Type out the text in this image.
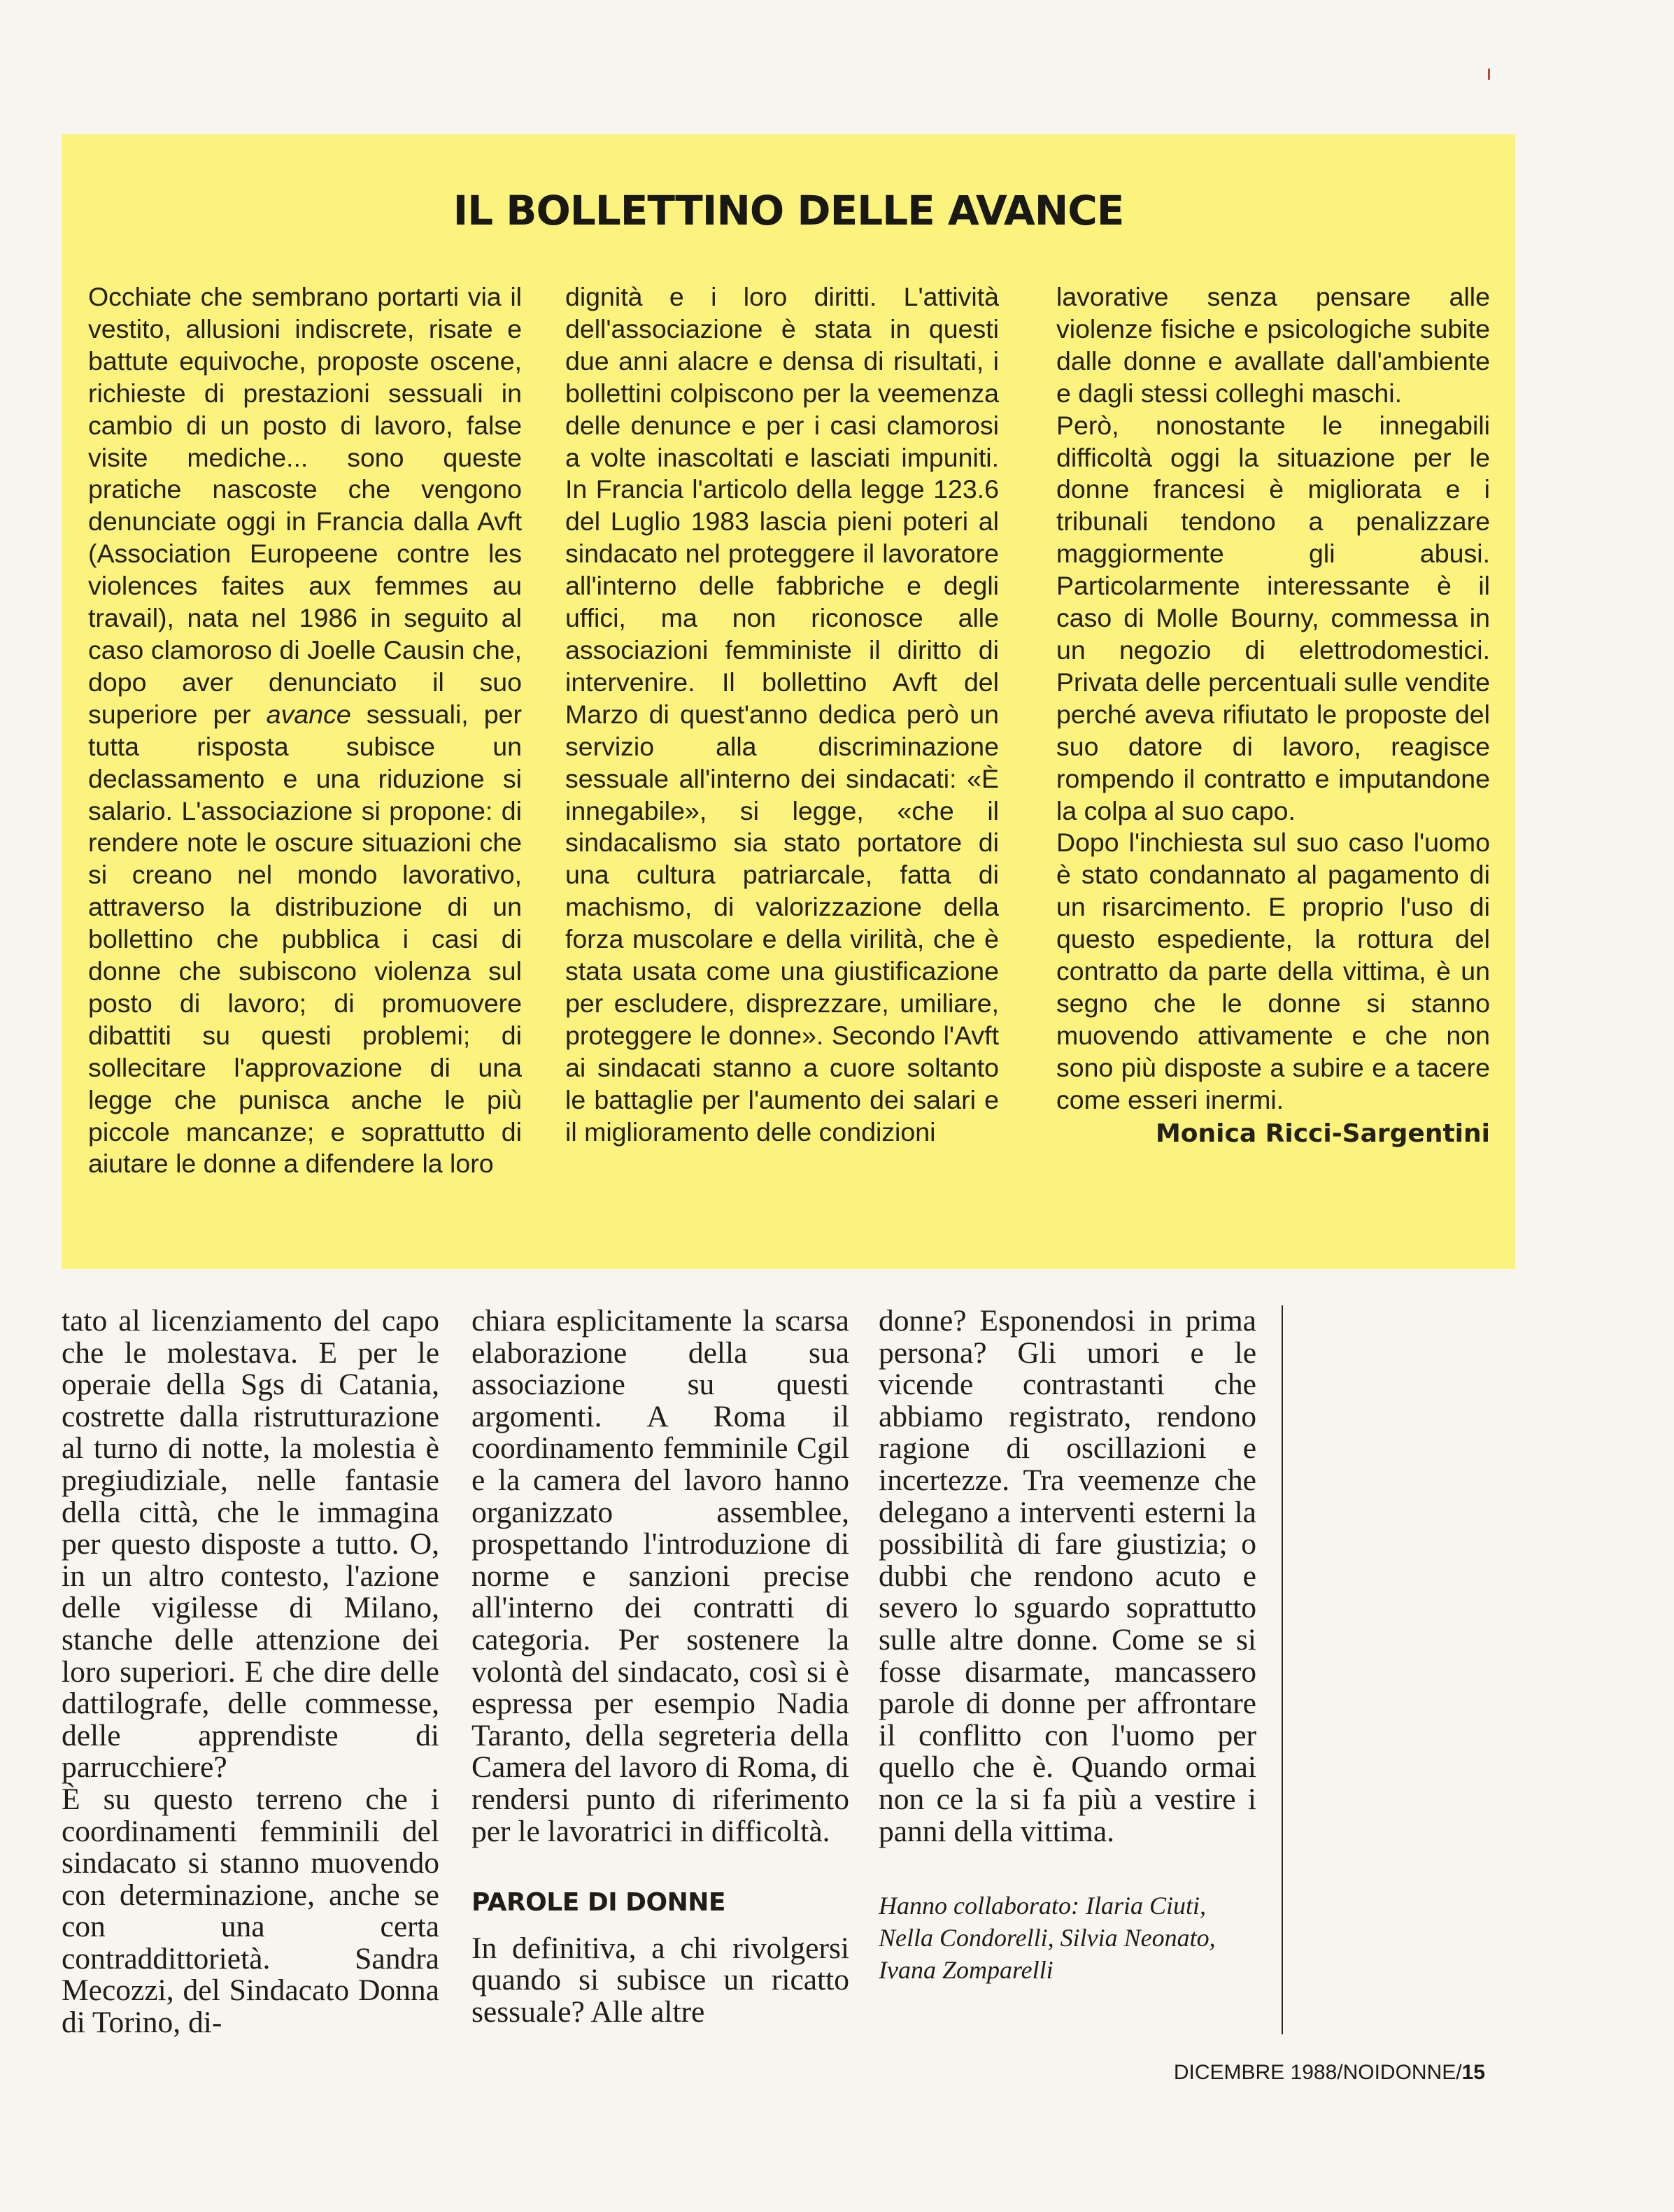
IL BOLLETTINO DELLE AVANCE

Occhiate che sembrano portarti via il vestito, allusioni indiscrete, risate e battute equivoche, proposte oscene, richieste di prestazioni sessuali in cambio di un posto di lavoro, false visite mediche... sono queste pratiche nascoste che vengono denunciate oggi in Francia dalla Avft (Association Europeene contre les violences faites aux femmes au travail), nata nel 1986 in seguito al caso clamoroso di Joelle Causin che, dopo aver denunciato il suo superiore per avance sessuali, per tutta risposta subisce un declassamento e una riduzione si salario. L'associazione si propone: di rendere note le oscure situazioni che si creano nel mondo lavorativo, attraverso la distribuzione di un bollettino che pubblica i casi di donne che subiscono violenza sul posto di lavoro; di promuovere dibattiti su questi problemi; di sollecitare l'approvazione di una legge che punisca anche le più piccole mancanze; e soprattutto di aiutare le donne a difendere la loro

dignità e i loro diritti. L'attività dell'associazione è stata in questi due anni alacre e densa di risultati, i bollettini colpiscono per la veemenza delle denunce e per i casi clamorosi a volte inascoltati e lasciati impuniti. In Francia l'articolo della legge 123.6 del Luglio 1983 lascia pieni poteri al sindacato nel proteggere il lavoratore all'interno delle fabbriche e degli uffici, ma non riconosce alle associazioni femministe il diritto di intervenire. Il bollettino Avft del Marzo di quest'anno dedica però un servizio alla discriminazione sessuale all'interno dei sindacati: «È innegabile», si legge, «che il sindacalismo sia stato portatore di una cultura patriarcale, fatta di machismo, di valorizzazione della forza muscolare e della virilità, che è stata usata come una giustificazione per escludere, disprezzare, umiliare, proteggere le donne». Secondo l'Avft ai sindacati stanno a cuore soltanto le battaglie per l'aumento dei salari e il miglioramento delle condizioni

lavorative senza pensare alle violenze fisiche e psicologiche subite dalle donne e avallate dall'ambiente e dagli stessi colleghi maschi.

Però, nonostante le innegabili difficoltà oggi la situazione per le donne francesi è migliorata e i tribunali tendono a penalizzare maggiormente gli abusi. Particolarmente interessante è il caso di Molle Bourny, commessa in un negozio di elettrodomestici. Privata delle percentuali sulle vendite perché aveva rifiutato le proposte del suo datore di lavoro, reagisce rompendo il contratto e imputandone la colpa al suo capo.

Dopo l'inchiesta sul suo caso l'uomo è stato condannato al pagamento di un risarcimento. E proprio l'uso di questo espediente, la rottura del contratto da parte della vittima, è un segno che le donne si stanno muovendo attivamente e che non sono più disposte a subire e a tacere come esseri inermi.

Monica Ricci-Sargentini

tato al licenziamento del capo che le molestava. E per le operaie della Sgs di Catania, costrette dalla ristrutturazione al turno di notte, la molestia è pregiudiziale, nelle fantasie della città, che le immagina per questo disposte a tutto. O, in un altro contesto, l'azione delle vigilesse di Milano, stanche delle attenzione dei loro superiori. E che dire delle dattilografe, delle commesse, delle apprendiste di parrucchiere?

È su questo terreno che i coordinamenti femminili del sindacato si stanno muovendo con determinazione, anche se con una certa contraddittorietà. Sandra Mecozzi, del Sindacato Donna di Torino, di-

chiara esplicitamente la scarsa elaborazione della sua associazione su questi argomenti. A Roma il coordinamento femminile Cgil e la camera del lavoro hanno organizzato assemblee, prospettando l'introduzione di norme e sanzioni precise all'interno dei contratti di categoria. Per sostenere la volontà del sindacato, così si è espressa per esempio Nadia Taranto, della segreteria della Camera del lavoro di Roma, di rendersi punto di riferimento per le lavoratrici in difficoltà.

PAROLE DI DONNE

In definitiva, a chi rivolgersi quando si subisce un ricatto sessuale? Alle altre

donne? Esponendosi in prima persona? Gli umori e le vicende contrastanti che abbiamo registrato, rendono ragione di oscillazioni e incertezze. Tra veemenze che delegano a interventi esterni la possibilità di fare giustizia; o dubbi che rendono acuto e severo lo sguardo soprattutto sulle altre donne. Come se si fosse disarmate, mancassero parole di donne per affrontare il conflitto con l'uomo per quello che è. Quando ormai non ce la si fa più a vestire i panni della vittima.

Hanno collaborato: Ilaria Ciuti, Nella Condorelli, Silvia Neonato, Ivana Zomparelli
DICEMBRE 1988/NOIDONNE/15
